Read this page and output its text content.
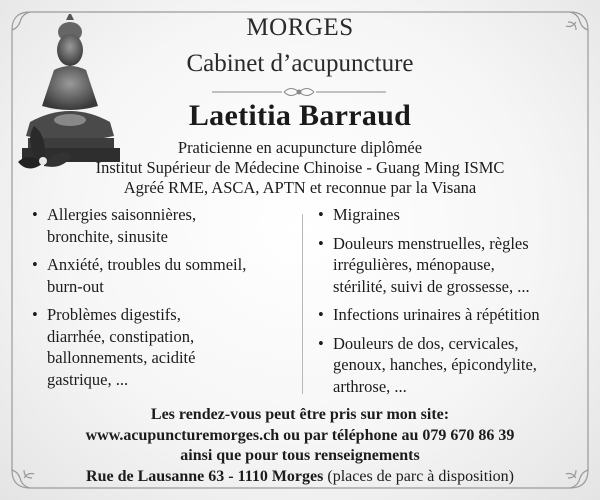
MORGES
Cabinet d’acupuncture
Laetitia Barraud
Praticienne en acupuncture diplômée
Institut Supérieur de Médecine Chinoise - Guang Ming ISMC
Agréé RME, ASCA, APTN et reconnue par la Visana
• Allergies saisonnières,
bronchite, sinusite
• Anxiété, troubles du sommeil,
burn-out
• Problèmes digestifs,
diarrhée, constipation,
ballonnements, acidité
gastrique, ...
• Migraines
• Douleurs menstruelles, règles
irrégulières, ménopause,
stérilité, suivi de grossesse, ...
• Infections urinaires à répétition
• Douleurs de dos, cervicales,
genoux, hanches, épicondylite,
arthrose, ...
Les rendez-vous peut être pris sur mon site:
www.acupuncturemorges.ch ou par téléphone au 079 670 86 39
ainsi que pour tous renseignements
Rue de Lausanne 63 - 1110 Morges (places de parc à disposition)
